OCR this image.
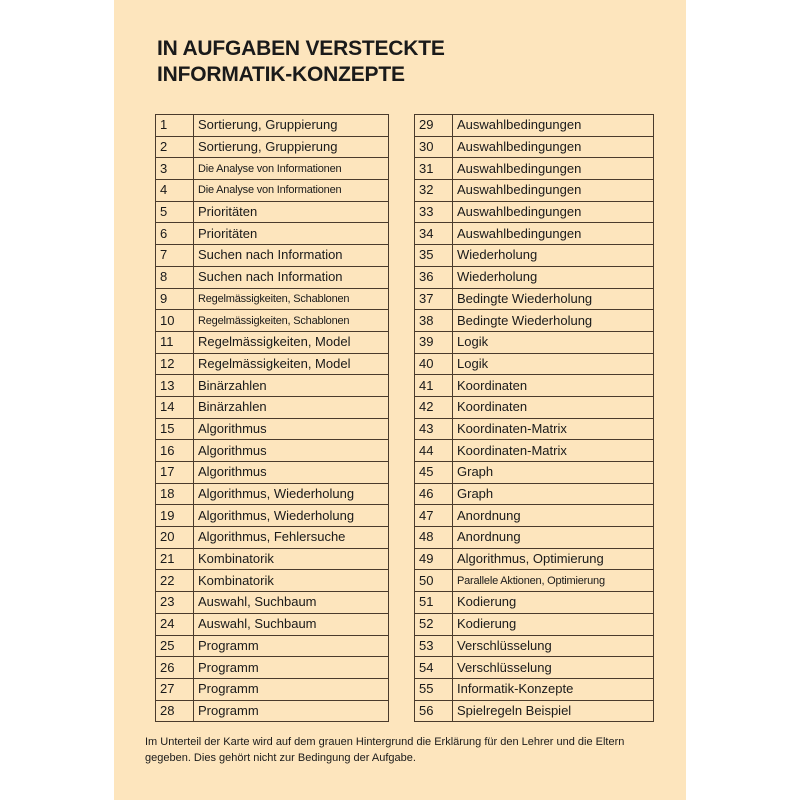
IN AUFGABEN VERSTECKTE
INFORMATIK-KONZEPTE
1	Sortierung, Gruppierung
2	Sortierung, Gruppierung
3	Die Analyse von Informationen
4	Die Analyse von Informationen
5	Prioritäten
6	Prioritäten
7	Suchen nach Information
8	Suchen nach Information
9	Regelmässigkeiten, Schablonen
10	Regelmässigkeiten, Schablonen
11	Regelmässigkeiten, Model
12	Regelmässigkeiten, Model
13	Binärzahlen
14	Binärzahlen
15	Algorithmus
16	Algorithmus
17	Algorithmus
18	Algorithmus, Wiederholung
19	Algorithmus, Wiederholung
20	Algorithmus, Fehlersuche
21	Kombinatorik
22	Kombinatorik
23	Auswahl, Suchbaum
24	Auswahl, Suchbaum
25	Programm
26	Programm
27	Programm
28	Programm
29	Auswahlbedingungen
30	Auswahlbedingungen
31	Auswahlbedingungen
32	Auswahlbedingungen
33	Auswahlbedingungen
34	Auswahlbedingungen
35	Wiederholung
36	Wiederholung
37	Bedingte Wiederholung
38	Bedingte Wiederholung
39	Logik
40	Logik
41	Koordinaten
42	Koordinaten
43	Koordinaten-Matrix
44	Koordinaten-Matrix
45	Graph
46	Graph
47	Anordnung
48	Anordnung
49	Algorithmus, Optimierung
50	Parallele Aktionen, Optimierung
51	Kodierung
52	Kodierung
53	Verschlüsselung
54	Verschlüsselung
55	Informatik-Konzepte
56	Spielregeln Beispiel
Im Unterteil der Karte wird auf dem grauen Hintergrund die Erklärung für den Lehrer und die Eltern gegeben. Dies gehört nicht zur Bedingung der Aufgabe.
